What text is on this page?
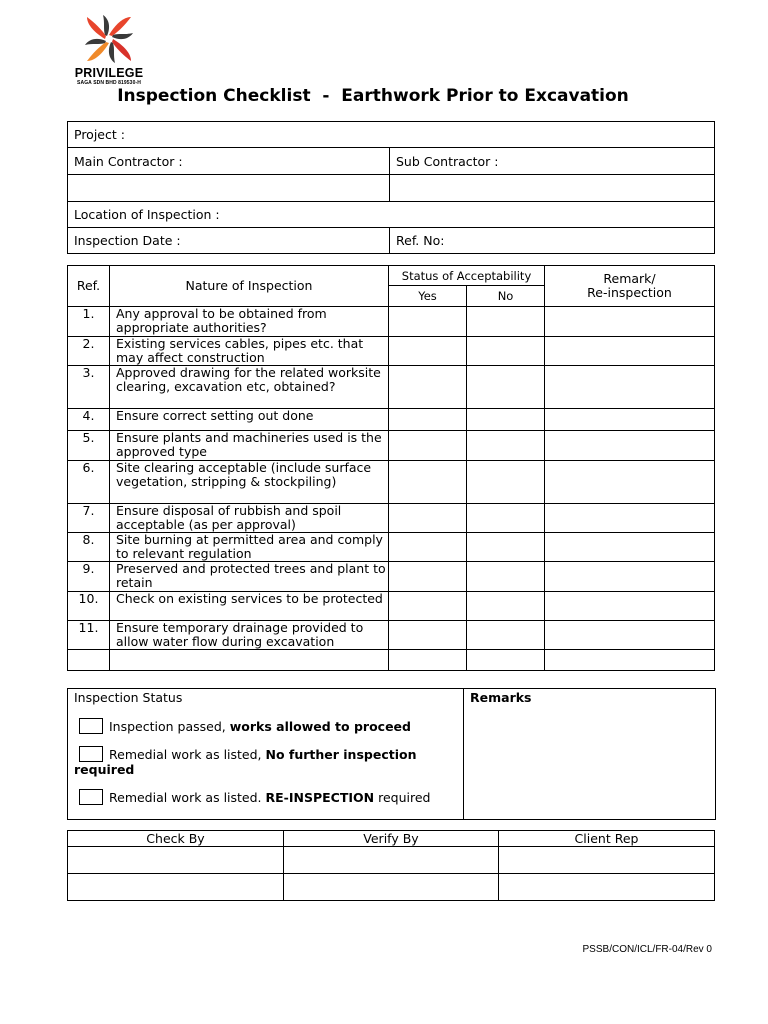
PRIVILEGE
SAGA SDN BHD 819530-H
Inspection Checklist  -  Earthwork Prior to Excavation
Project :	
Main Contractor :	Sub Contractor :

Location of Inspection :	
Inspection Date :	Ref. No:
Ref.	Nature of Inspection	Status of Acceptability		Remark/
Re-inspection

		Yes	No	
1.	Any approval to be obtained from appropriate authorities?			
2.	Existing services cables, pipes etc. that may affect construction			
3.	Approved drawing for the related worksite clearing, excavation etc, obtained?			
4.	Ensure correct setting out done			
5.	Ensure plants and machineries used is the approved type			
6.	Site clearing acceptable (include surface vegetation, stripping & stockpiling)			
7.	Ensure disposal of rubbish and spoil acceptable (as per approval)			
8.	Site burning at permitted area and comply to relevant regulation			
9.	Preserved and protected trees and plant to retain			
10.	Check on existing services to be protected			
11.	Ensure temporary drainage provided to allow water flow during excavation			

Inspection Status
Inspection passed, works allowed to proceed
Remedial work as listed, No further inspection required
Remedial work as listed. RE-INSPECTION required
Remarks
Check By	Verify By	Client Rep

PSSB/CON/ICL/FR-04/Rev 0
